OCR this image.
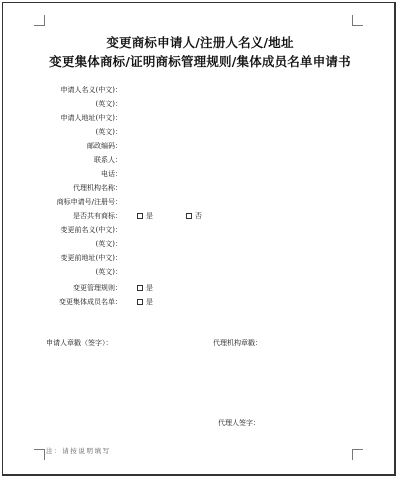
变更商标申请人/注册人名义/地址
变更集体商标/证明商标管理规则/集体成员名单申请书
申请人名义(中文)：
(英文)：
申请人地址(中文)：
(英文)：
邮政编码：
联系人：
电话：
代理机构名称：
商标申请号/注册号：
是否共有商标：	是	否
变更前名义(中文)：
(英文)：
变更前地址(中文)：
(英文)：
变更管理规则：	是
变更集体成员名单：	是
申请人章戳（签字）：	代理机构章戳：
代理人签字：
注：请按说明填写
